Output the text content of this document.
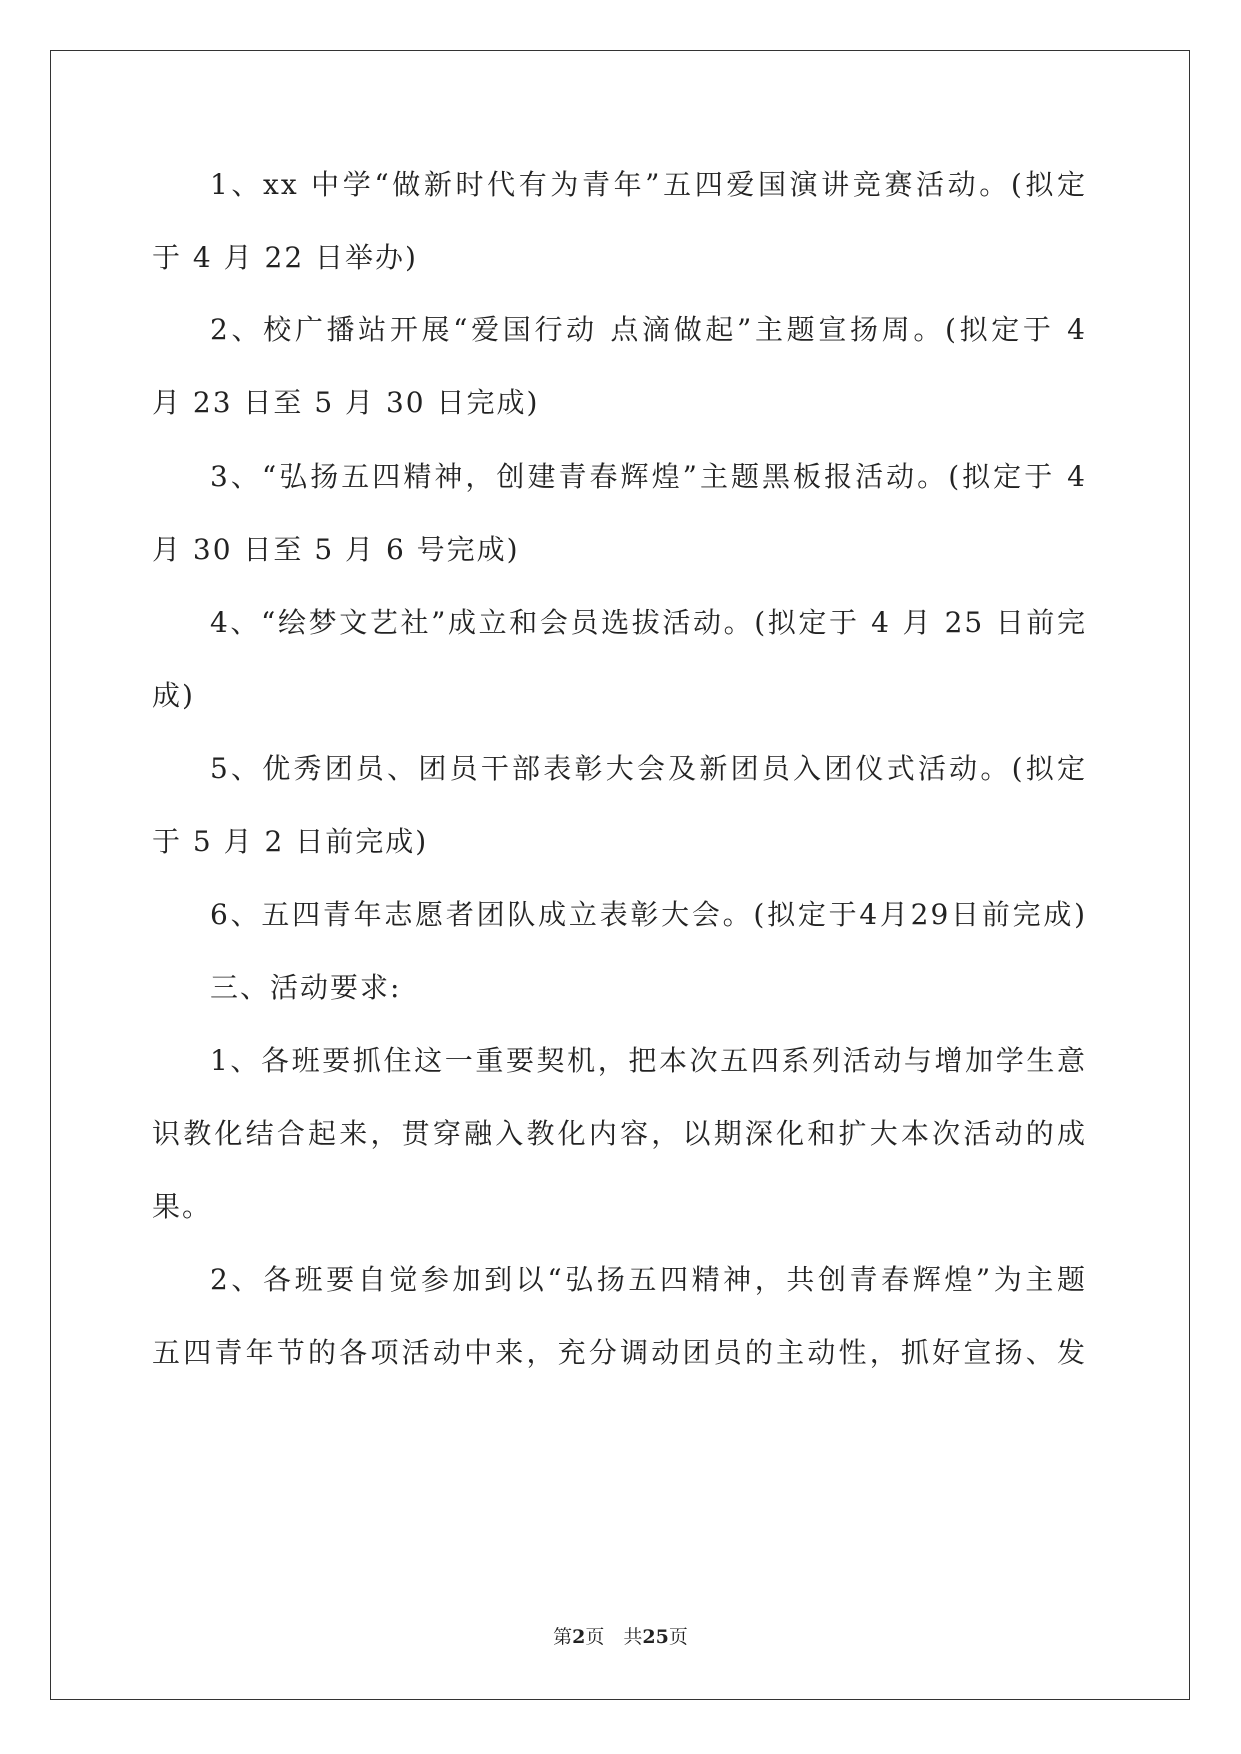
1、xx 中学“做新时代有为青年”五四爱国演讲竞赛活动。(拟定
于 4 月 22 日举办)
2、校广播站开展“爱国行动 点滴做起”主题宣扬周。(拟定于 4
月 23 日至 5 月 30 日完成)
3、“弘扬五四精神，创建青春辉煌”主题黑板报活动。(拟定于 4
月 30 日至 5 月 6 号完成)
4、“绘梦文艺社”成立和会员选拔活动。(拟定于 4 月 25 日前完
成)
5、优秀团员、团员干部表彰大会及新团员入团仪式活动。(拟定
于 5 月 2 日前完成)
6、五四青年志愿者团队成立表彰大会。(拟定于4月29日前完成)
三、活动要求:
1、各班要抓住这一重要契机，把本次五四系列活动与增加学生意
识教化结合起来，贯穿融入教化内容，以期深化和扩大本次活动的成
果。
2、各班要自觉参加到以“弘扬五四精神，共创青春辉煌”为主题
五四青年节的各项活动中来，充分调动团员的主动性，抓好宣扬、发
第2页　共25页
